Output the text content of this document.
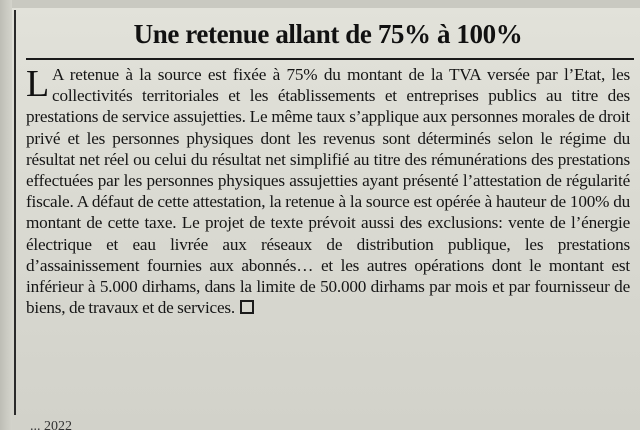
Une retenue allant de 75% à 100%
L A retenue à la source est fixée à 75% du montant de la TVA versée par l’Etat, les collectivités territoriales et les établissements et entreprises publics au titre des prestations de service assujetties. Le même taux s’applique aux personnes morales de droit privé et les personnes physiques dont les revenus sont déterminés selon le régime du résultat net réel ou celui du résultat net simplifié au titre des rémunérations des prestations effectuées par les personnes physiques assujetties ayant présenté l’attestation de régularité fiscale. A défaut de cette attestation, la retenue à la source est opérée à hauteur de 100% du montant de cette taxe. Le projet de texte prévoit aussi des exclusions: vente de l’énergie électrique et eau livrée aux réseaux de distribution publique, les prestations d’assainissement fournies aux abonnés… et les autres opérations dont le montant est inférieur à 5.000 dirhams, dans la limite de 50.000 dirhams par mois et par fournisseur de biens, de travaux et de services.
... 2022
